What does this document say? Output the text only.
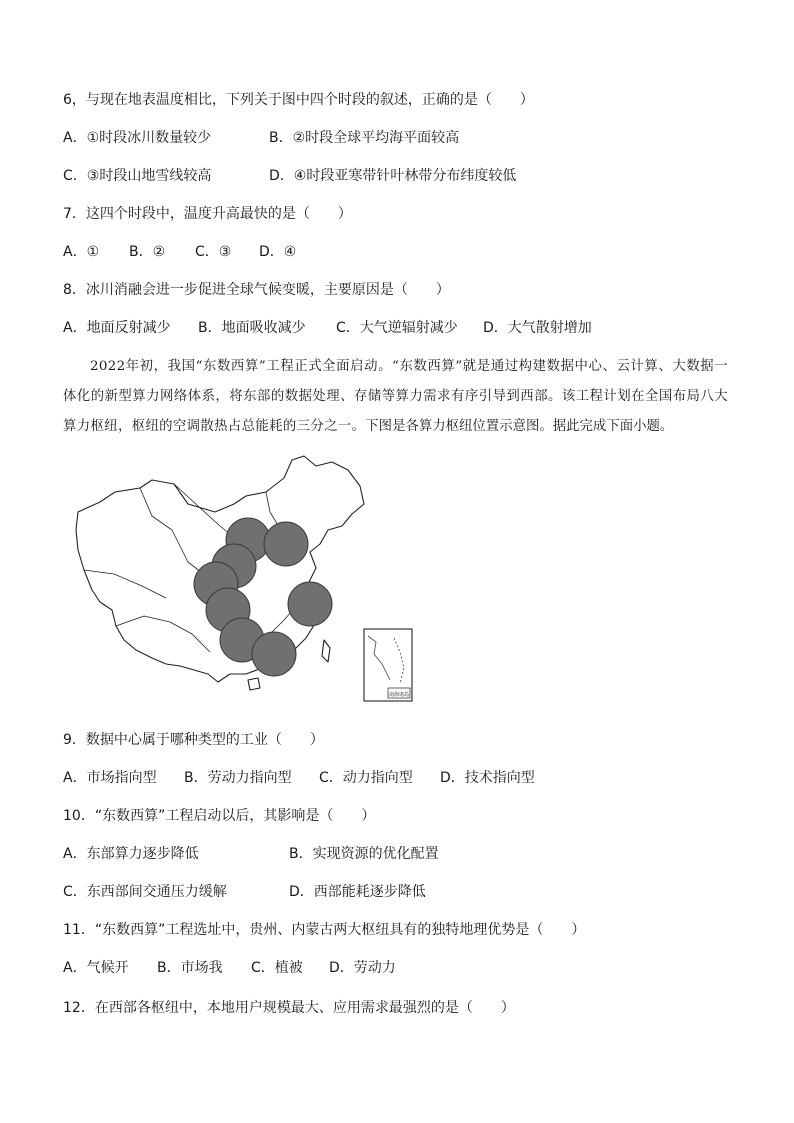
6，与现在地表温度相比，下列关于图中四个时段的叙述，正确的是（　　）
A．①时段冰川数量较少	B．②时段全球平均海平面较高
C．③时段山地雪线较高	D．④时段亚寒带针叶林带分布纬度较低
7．这四个时段中，温度升高最快的是（　　）
A．① B．② C．③ D．④
8．冰川消融会进一步促进全球气候变暖，主要原因是（　　）
A．地面反射减少 B．地面吸收减少 C．大气逆辐射减少 D．大气散射增加
2022年初，我国“东数西算”工程正式全面启动。“东数西算”就是通过构建数据中心、云计算、大数据一体化的新型算力网络体系，将东部的数据处理、存储等算力需求有序引导到西部。该工程计划在全国布局八大算力枢纽，枢纽的空调散热占总能耗的三分之一。下图是各算力枢纽位置示意图。据此完成下面小题。
南海诸岛
9．数据中心属于哪种类型的工业（　　）
A．市场指向型 B．劳动力指向型 C．动力指向型 D．技术指向型
10．“东数西算”工程启动以后，其影响是（　　）
A．东部算力逐步降低	B．实现资源的优化配置
C．东西部间交通压力缓解	D．西部能耗逐步降低
11．“东数西算”工程选址中，贵州、内蒙古两大枢纽具有的独特地理优势是（　　）
A．气候开 B．市场我 C．植被 D．劳动力
12．在西部各枢纽中，本地用户规模最大、应用需求最强烈的是（　　）
